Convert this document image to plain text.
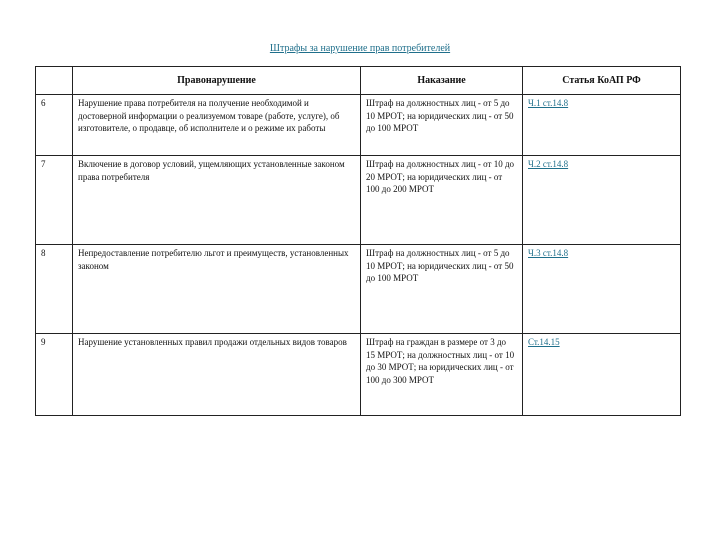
Штрафы за нарушение прав потребителей
	Правонарушение	Наказание	Статья КоАП РФ
6	Нарушение права потребителя на получение необходимой и достоверной информации о реализуемом товаре (работе, услуге), об изготовителе, о продавце, об исполнителе и о режиме их работы	Штраф на должностных лиц - от 5 до 10 МРОТ; на юридических лиц - от 50 до 100 МРОТ	Ч.1 ст.14.8
7	Включение в договор условий, ущемляющих установленные законом права потребителя	Штраф на должностных лиц - от 10 до 20 МРОТ; на юридических лиц - от 100 до 200 МРОТ	Ч.2 ст.14.8
8	Непредоставление потребителю льгот и преимуществ, установленных законом	Штраф на должностных лиц - от 5 до 10 МРОТ; на юридических лиц - от 50 до 100 МРОТ	Ч.3 ст.14.8
9	Нарушение установленных правил продажи отдельных видов товаров	Штраф на граждан в размере от 3 до 15 МРОТ; на должностных лиц - от 10 до 30 МРОТ; на юридических лиц - от 100 до 300 МРОТ	Ст.14.15
